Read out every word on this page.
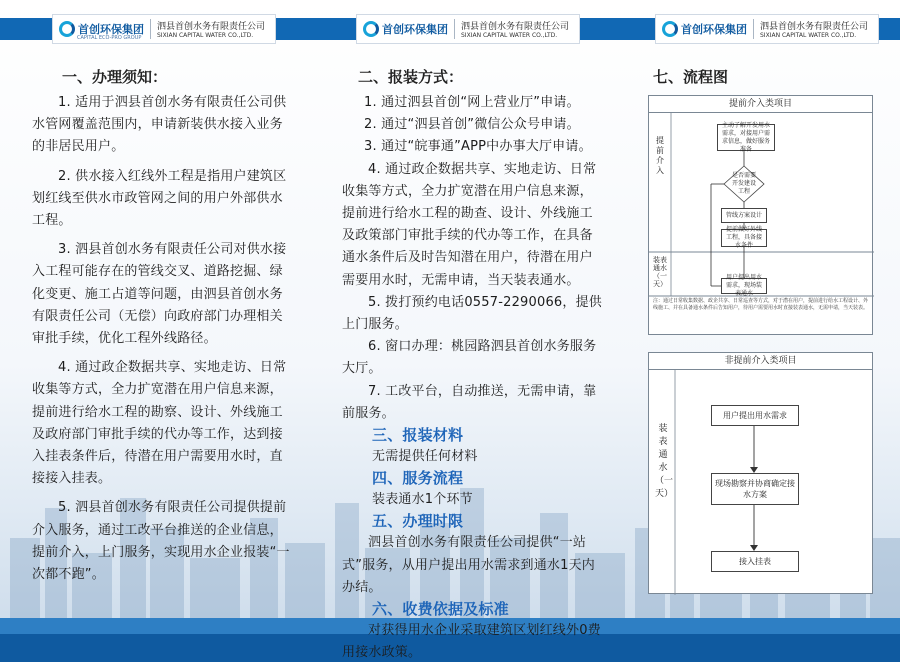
首创环保集团
CAPITAL ECO-PRO GROUP
泗县首创水务有限责任公司
SIXIAN CAPITAL WATER CO.,LTD.
一、办理须知：

1. 适用于泗县首创水务有限责任公司供水管网覆盖范围内，申请新装供水接入业务的非居民用户。

2. 供水接入红线外工程是指用户建筑区划红线至供水市政管网之间的用户外部供水工程。

3. 泗县首创水务有限责任公司对供水接入工程可能存在的管线交叉、道路挖掘、绿化变更、施工占道等问题，由泗县首创水务有限责任公司（无偿）向政府部门办理相关审批手续，优化工程外线路径。

4. 通过政企数据共享、实地走访、日常收集等方式，全力扩宽潜在用户信息来源，提前进行给水工程的勘察、设计、外线施工及政府部门审批手续的代办等工作，达到接入挂表条件后，待潜在用户需要用水时，直接接入挂表。

5. 泗县首创水务有限责任公司提供提前介入服务，通过工改平台推送的企业信息，提前介入，上门服务，实现用水企业报装“一次都不跑”。

首创环保集团 泗县首创水务有限责任公司
SIXIAN CAPITAL WATER CO.,LTD.
二、报装方式：

1. 通过泗县首创“网上营业厅”申请。

2. 通过“泗县首创”微信公众号申请。

3. 通过“皖事通”APP中办事大厅申请。

4. 通过政企数据共享、实地走访、日常收集等方式，全力扩宽潜在用户信息来源，提前进行给水工程的勘查、设计、外线施工及政策部门审批手续的代办等工作，在具备通水条件后及时告知潜在用户，待潜在用户需要用水时，无需申请，当天装表通水。

5. 拨打预约电话0557-2290066，提供上门服务。

6. 窗口办理：桃园路泗县首创水务服务大厅。

7. 工改平台，自动推送，无需申请，靠前服务。

三、报装材料

无需提供任何材料

四、服务流程

装表通水1个环节

五、办理时限

泗县首创水务有限责任公司提供“一站式”服务，从用户提出用水需求到通水1天内办结。

六、收费依据及标准

对获得用水企业采取建筑区划红线外0费用接水政策。

首创环保集团 泗县首创水务有限责任公司
SIXIAN CAPITAL WATER CO.,LTD.
七、流程图
提前介入类项目
提前介入
装表通水（一天）
主动了解开发用水需求，对接用户需求信息，做好服务准备
是否需要开发建设工程
管线方案设计
提前做好外线工程，具备接水条件
用户提出用水需求，现场装表通水
注：通过日常收集数据、政企共享、日常巡查等方式，对于潜在用户，提前进行给水工程设计、外线施工、并在具备通水条件后告知用户，待用户需要用水时直接装表通水，无需申请，当天装表。
非提前介入类项目
装表通水（一天）
用户提出用水需求
现场勘察并协商确定接水方案
接入挂表
